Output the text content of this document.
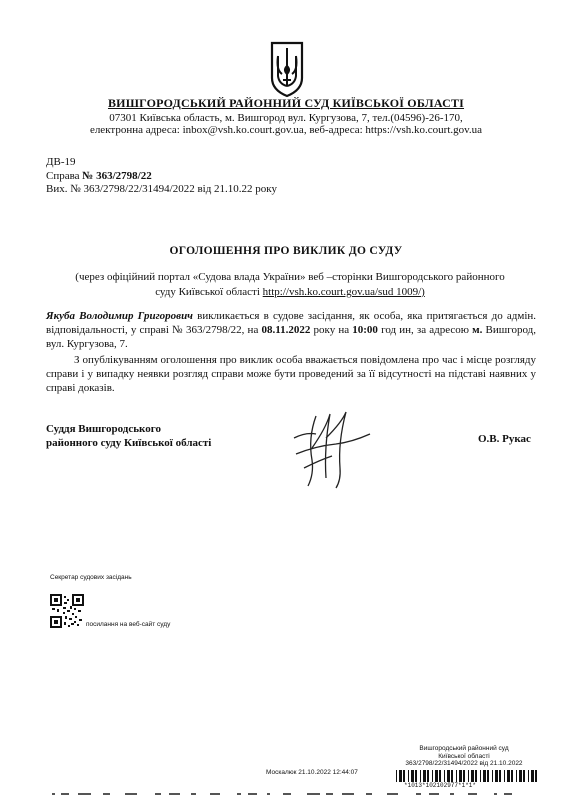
ВИШГОРОДСЬКИЙ РАЙОННИЙ СУД КИЇВСЬКОЇ ОБЛАСТІ
07301 Київська область, м. Вишгород вул. Кургузова, 7, тел.(04596)-26-170,
електронна адреса: inbox@vsh.ko.court.gov.ua, веб-адреса: https://vsh.ko.court.gov.ua
ДВ-19
Справа № 363/2798/22
Вих. № 363/2798/22/31494/2022 від 21.10.22 року
ОГОЛОШЕННЯ ПРО ВИКЛИК ДО СУДУ
(через офіційний портал «Судова влада України» веб –сторінки Вишгородського районного суду Київської області http://vsh.ko.court.gov.ua/sud 1009/)
Якуба Володимир Григорович викликається в судове засідання, як особа, яка притягається до адмін. відповідальності, у справі № 363/2798/22, на 08.11.2022 року на 10:00 год ин, за адресою м. Вишгород, вул. Кургузова, 7.
З опублікуванням оголошення про виклик особа вважається повідомлена про час і місце розгляду справи і у випадку неявки розгляд справи може бути проведений за її відсутності на підставі наявних у справі доказів.
Суддя Вишгородського
районного суду Київської області	О.В. Рукас
Секретар судових засідань
посилання на веб-сайт суду
Вишгородський районний суд
Київської області
363/2798/22/31494/2022 від 21.10.2022
Москалюк 21.10.2022 12:44:07
*1013*102102977*1*1*
